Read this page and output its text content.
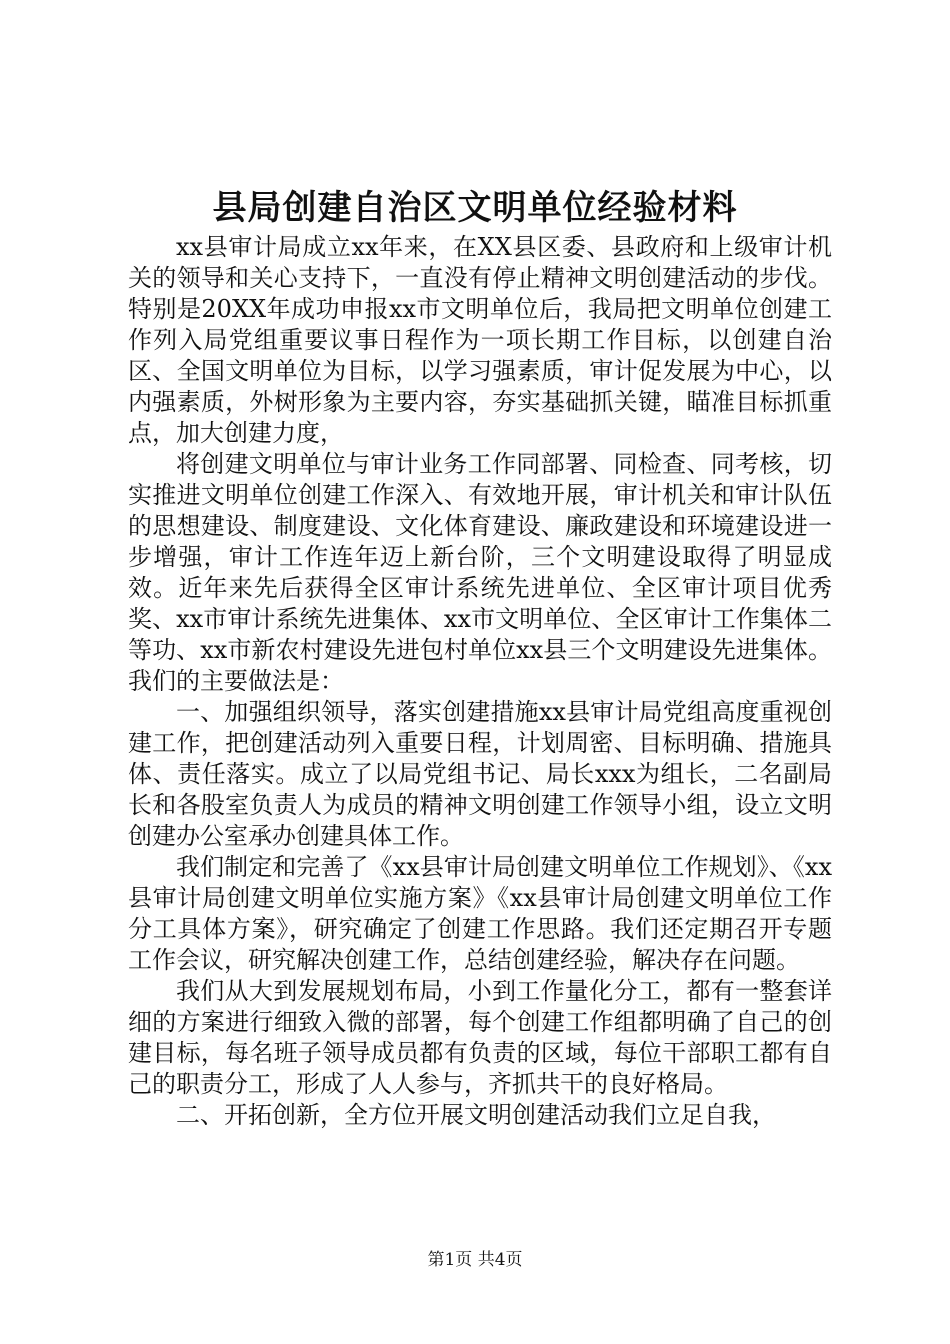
县局创建自治区文明单位经验材料

xx县审计局成立xx年来，在XX县区委、县政府和上级审计机关的领导和关心支持下，一直没有停止精神文明创建活动的步伐。特别是20XX年成功申报xx市文明单位后，我局把文明单位创建工作列入局党组重要议事日程作为一项长期工作目标，以创建自治区、全国文明单位为目标，以学习强素质，审计促发展为中心，以内强素质，外树形象为主要内容，夯实基础抓关键，瞄准目标抓重点，加大创建力度，

将创建文明单位与审计业务工作同部署、同检查、同考核，切实推进文明单位创建工作深入、有效地开展，审计机关和审计队伍的思想建设、制度建设、文化体育建设、廉政建设和环境建设进一步增强，审计工作连年迈上新台阶，三个文明建设取得了明显成效。近年来先后获得全区审计系统先进单位、全区审计项目优秀奖、xx市审计系统先进集体、xx市文明单位、全区审计工作集体二等功、xx市新农村建设先进包村单位xx县三个文明建设先进集体。我们的主要做法是：

一、加强组织领导，落实创建措施xx县审计局党组高度重视创建工作，把创建活动列入重要日程，计划周密、目标明确、措施具体、责任落实。成立了以局党组书记、局长xxx为组长，二名副局长和各股室负责人为成员的精神文明创建工作领导小组，设立文明创建办公室承办创建具体工作。

我们制定和完善了《xx县审计局创建文明单位工作规划》、《xx县审计局创建文明单位实施方案》《xx县审计局创建文明单位工作分工具体方案》，研究确定了创建工作思路。我们还定期召开专题工作会议，研究解决创建工作，总结创建经验，解决存在问题。

我们从大到发展规划布局，小到工作量化分工，都有一整套详细的方案进行细致入微的部署，每个创建工作组都明确了自己的创建目标，每名班子领导成员都有负责的区域，每位干部职工都有自己的职责分工，形成了人人参与，齐抓共干的良好格局。

二、开拓创新，全方位开展文明创建活动我们立足自我，

第1页 共4页
